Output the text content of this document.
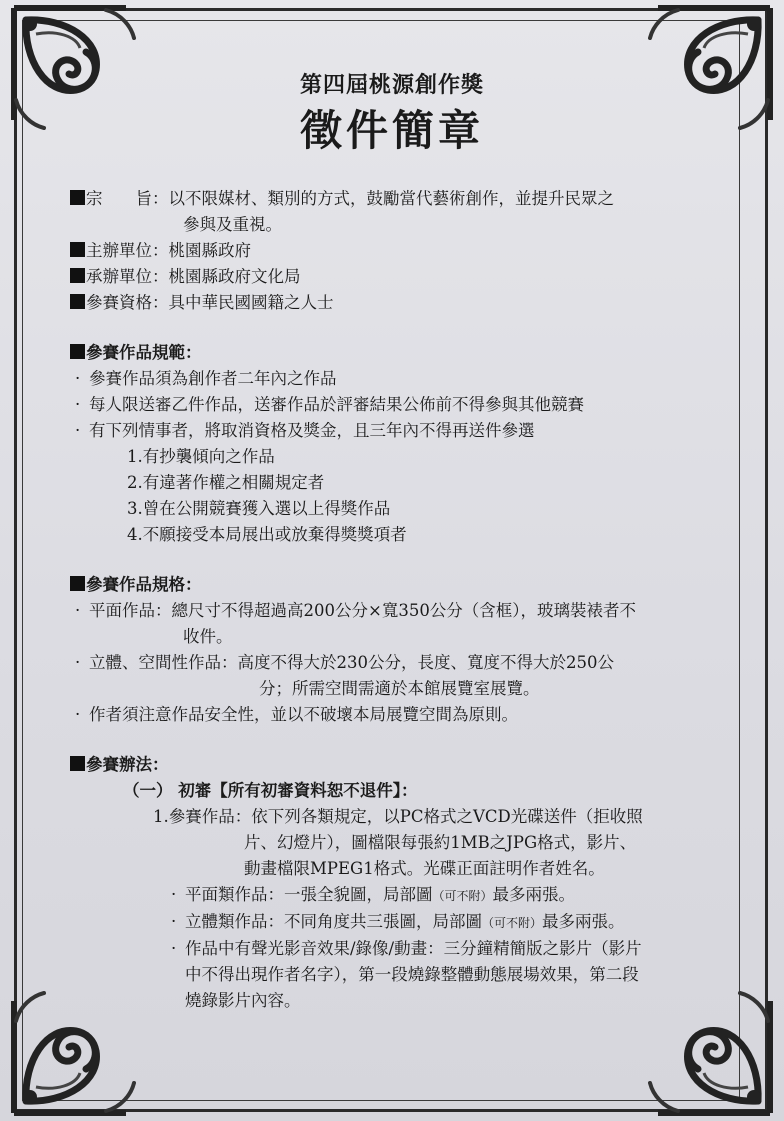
第四屆桃源創作獎
徵件簡章
宗　　旨：以不限媒材、類別的方式，鼓勵當代藝術創作，並提升民眾之
參與及重視。
主辦單位：桃園縣政府
承辦單位：桃園縣政府文化局
參賽資格：具中華民國國籍之人士
參賽作品規範：
· 參賽作品須為創作者二年內之作品
· 每人限送審乙件作品，送審作品於評審結果公佈前不得參與其他競賽
· 有下列情事者，將取消資格及獎金，且三年內不得再送件參選
1.有抄襲傾向之作品
2.有違著作權之相關規定者
3.曾在公開競賽獲入選以上得獎作品
4.不願接受本局展出或放棄得獎獎項者
參賽作品規格：
· 平面作品：總尺寸不得超過高200公分×寬350公分（含框），玻璃裝裱者不
收件。
· 立體、空間性作品：高度不得大於230公分，長度、寬度不得大於250公
分；所需空間需適於本館展覽室展覽。
· 作者須注意作品安全性，並以不破壞本局展覽空間為原則。
參賽辦法：
（一） 初審【所有初審資料恕不退件】：
1.參賽作品：依下列各類規定，以PC格式之VCD光碟送件（拒收照
片、幻燈片），圖檔限每張約1MB之JPG格式，影片、
動畫檔限MPEG1格式。光碟正面註明作者姓名。
· 平面類作品：一張全貌圖，局部圖（可不附）最多兩張。
· 立體類作品：不同角度共三張圖，局部圖（可不附）最多兩張。
· 作品中有聲光影音效果/錄像/動畫：三分鐘精簡版之影片（影片
中不得出現作者名字），第一段燒錄整體動態展場效果，第二段
燒錄影片內容。
